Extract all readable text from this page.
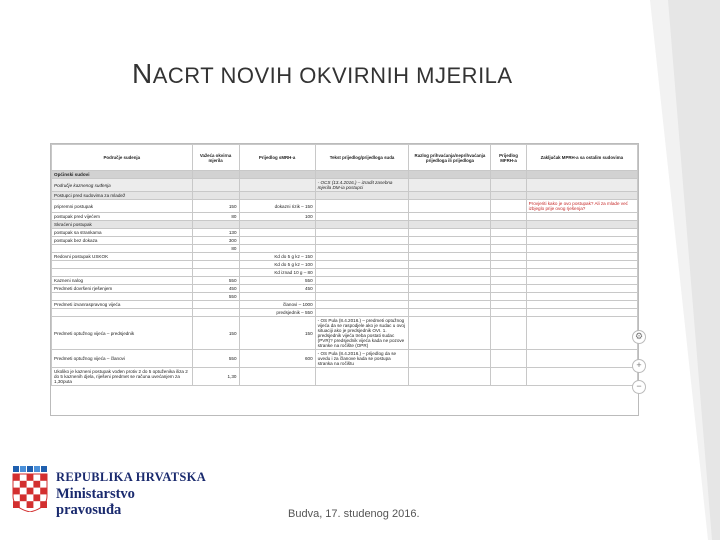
NACRT NOVIH OKVIRNIH MJERILA
Područje sudenja	Važeća okvirna mjerila	Prijedlog sMRH-a	Tekst prijedlog/prijedloga suda	Razlog prihvaćanja/neprihvaćanja prijedloga ili prijedloga	Prijedlog MFRH-a	Zaključak MPRH-a sa ostalim sudovima
Općinski sudovi						
Područje kaznenog suđenja			- OCS (13.4.2016.) – izradit zasebna mjerila DM-ia postupci			
Postupci pred sudovima za mladež						
pripremni postupak	150	dokazni rizik – 150				Provjeriti kako je ovo postupak? Ali za mlade već izbjeglo prije ovog rješenja?
postupak pred vijećem	80	100				
Skraćeni postupak						
postupak sa strankama	130					
postupak bez dokaza	300					
	80					
Redovni postupak USKOK		Kd do 5 g kz – 150				
		Kd do 5 g kz – 100				
		Kd iznad 10 g – 80				
Kazneni nalog	550	550				
Predmeti dovršeni rješenjem	450	450				
	550					
Predmeti izvanraspravnog vijeća		članovi – 1000				
		predsjednik – 550				
Predmeti optužnog vijeća – predsjednik	150	150	- OS Pula (8.4.2016.) – predmeti optužnog vijeća da se raspodjele ako je sudac u ovoj situaciji ako je predsjednik OVI. 1. predsjednik vijeća treba postati sudac (PVR)? predsjednik vijeća kada ne pozove stranke na ročište (OPR)			
Predmeti optužnog vijeća – članovi	550	600	- OS Pula (8.4.2016.) – prijedlog da se uvedu i za članove kada se postupa stranka na ročištu			
Ukoliko je kazneni postupak vođen protiv 2 do 5 optuženika iliza 2 do 5 kaznenih djela, riješeni predmet se računa uvećanjem za 1,30puta	1,30					
⚙
+
−
REPUBLIKA HRVATSKA
Ministarstvo
pravosuđa	Budva, 17. studenog 2016.
